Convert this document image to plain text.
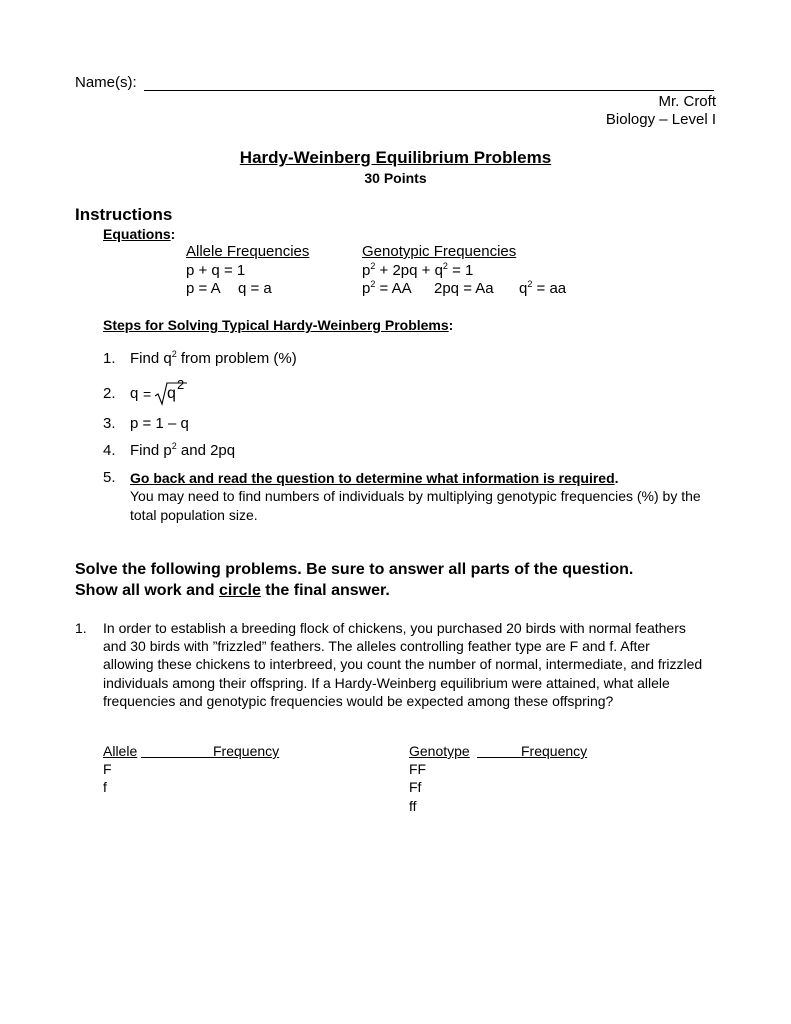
Name(s):
Mr. Croft
Biology – Level I
Hardy-Weinberg Equilibrium Problems
30 Points
Instructions
Equations:
Allele Frequencies
p + q = 1
p = A q = a
Genotypic Frequencies
$p^2 + 2pq + q^2 = 1$
$p^2$ = AA 2pq = Aa $q^2$ = aa
Steps for Solving Typical Hardy-Weinberg Problems:
1. Find $q^2$ from problem (%)
2. q = q
2
3. p = 1 – q
4. Find $p^2$ and 2pq
5. Go back and read the question to determine what information is required.
You may need to find numbers of individuals by multiplying genotypic frequencies (%) by the total population size.
Solve the following problems. Be sure to answer all parts of the question.
Show all work and circle the final answer.
1. In order to establish a breeding flock of chickens, you purchased 20 birds with normal feathers and 30 birds with ”frizzled” feathers. The alleles controlling feather type are F and f. After allowing these chickens to interbreed, you count the number of normal, intermediate, and frizzled individuals among their offspring. If a Hardy-Weinberg equilibrium were attained, what allele frequencies and genotypic frequencies would be expected among these offspring?
Allele	Frequency
F
f
Genotype	Frequency
FF
Ff
ff
